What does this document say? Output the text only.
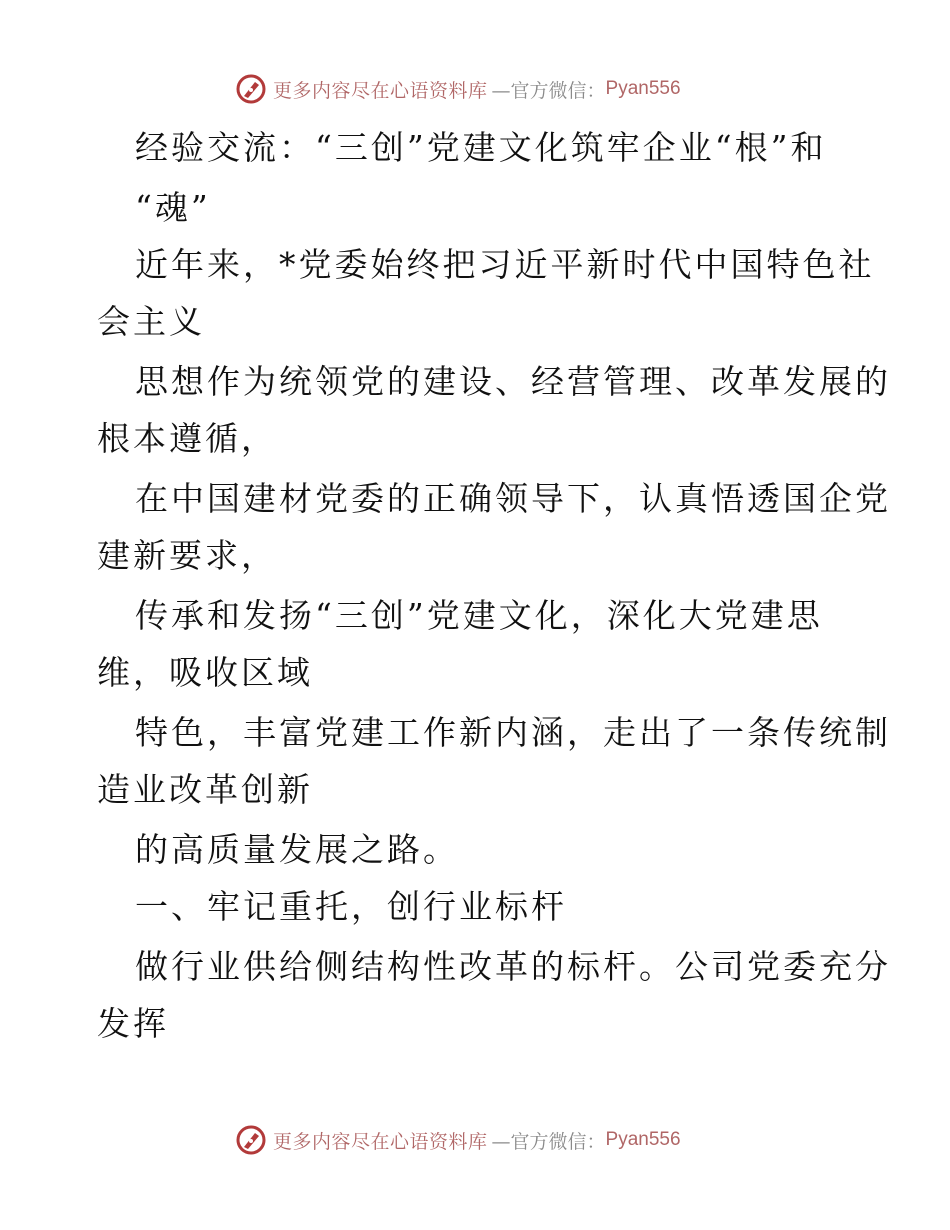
更多内容尽在心语资料库 —官方微信： Pyan556
经验交流：“三创”党建文化筑牢企业“根”和
“魂”
近年来，*党委始终把习近平新时代中国特色社
会主义
思想作为统领党的建设、经营管理、改革发展的
根本遵循，
在中国建材党委的正确领导下，认真悟透国企党
建新要求，
传承和发扬“三创”党建文化，深化大党建思
维，吸收区域
特色，丰富党建工作新内涵，走出了一条传统制
造业改革创新
的高质量发展之路。
一、牢记重托，创行业标杆
做行业供给侧结构性改革的标杆。公司党委充分
发挥
更多内容尽在心语资料库 —官方微信： Pyan556
